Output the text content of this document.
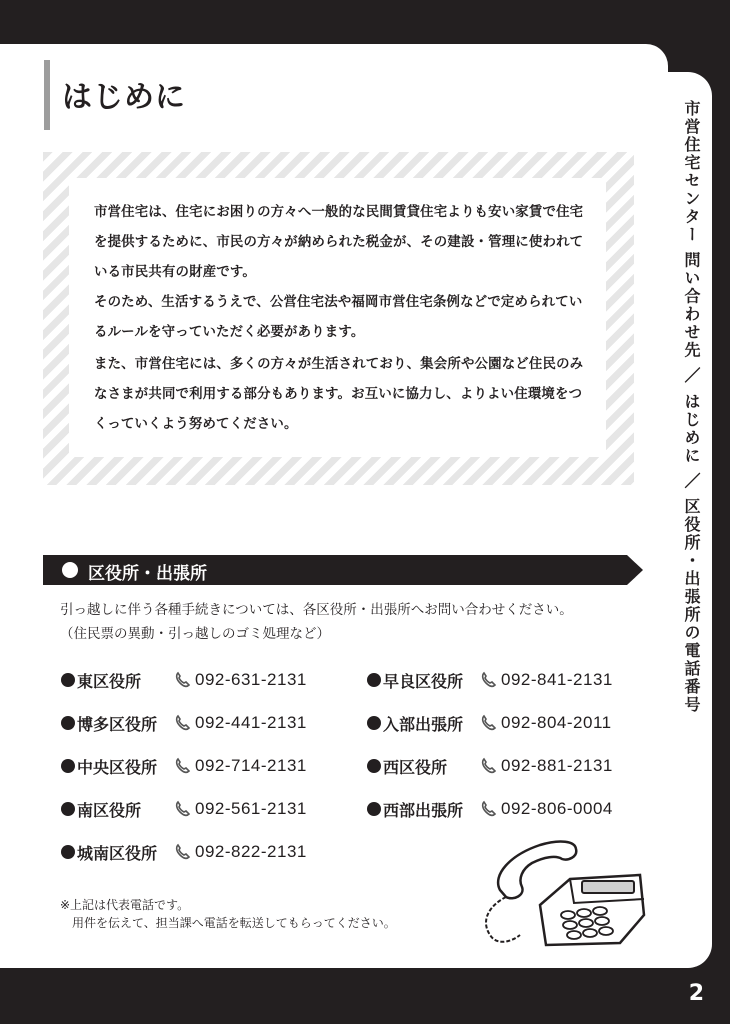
市営住宅センター 問い合わせ先 ／ はじめに ／ 区役所・出張所の電話番号
2
はじめに

市営住宅は、住宅にお困りの方々へ一般的な民間賃貸住宅よりも安い家賃で住宅を提供するために、市民の方々が納められた税金が、その建設・管理に使われている市民共有の財産です。

そのため、生活するうえで、公営住宅法や福岡市営住宅条例などで定められているルールを守っていただく必要があります。

また、市営住宅には、多くの方々が生活されており、集会所や公園など住民のみなさまが共同で利用する部分もあります。お互いに協力し、よりよい住環境をつくっていくよう努めてください。

区役所・出張所
引っ越しに伴う各種手続きについては、各区役所・出張所へお問い合わせください。
（住民票の異動・引っ越しのゴミ処理など）
東区役所	092-631-2131
博多区役所	092-441-2131
中央区役所	092-714-2131
南区役所	092-561-2131
城南区役所	092-822-2131
早良区役所	092-841-2131
入部出張所	092-804-2011
西区役所	092-881-2131
西部出張所	092-806-0004
※上記は代表電話です。
　用件を伝えて、担当課へ電話を転送してもらってください。
